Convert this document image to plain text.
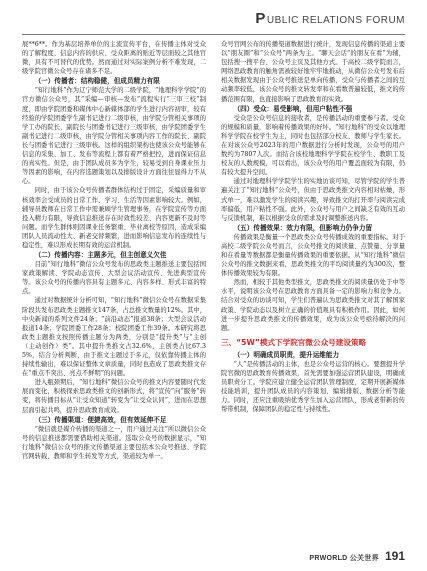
PUBLIC RELATIONS FORUM

展**6**。作为基层培养单位的主流宣传平台，在传播主体对受众的了解程度、信息内容的供应、受众距离的贴近等层面较之其他官微，具有不可替代的优势。然而通过对实际案例分析不难发现，二级学院官微公众号存在诸多不足。

（一）传播者：结构稳健，但成员精力有限

“知行地科”作为辽宁师范大学的二级学院，“地理科学学院”的官方微信公众号，其“采编—审核—发布”流程实行“三审三校”制度，即由学院团委和媒体中心新媒体部的学生进行内容初审，较有经验的学院团委学生副书记进行二级审核，由学院分管相关事项的学工办的院长、副院长与团委书记进行三级审核，由学院团委学生副书记进行二级审核，由学院分管相关事项内容工作的院长、副院长与团委书记进行三级审核。这样的组织架构也使该公众号能够在信息的采集、加工、发布等流程上都有着严格把控，进而保证信息的真实性。但是，由于团队成员多为学生，较易受到自身课业压力等因素的影响，在内容选题策划以及排版设计方面往往显得力不从心。

同时，由于该公众号传播者群体结构过于固定，采编质量和审核效率会受成员的日常工作、学习、生活等因素影响较大。例如，辅导员教师在日常工作中需兼顾学生管理事务，在学院宣传等方面投入精力有限，导致信息推送存在时效性较差、内容更新不及时等问题。而学生群体则因课业任务繁重、毕业离校等原因，造成采编团队人员流动性大、新老交替频繁，进而影响信息发布的连续性与稳定性，难以形成长期有效的运营机制。

（二）传播内容：主题多元，但主创意义欠佳

目前“知行地科”微信公众号发布的思政类主题推送主要包括国家政策解读、学院动态宣传、大型会议活动宣传、先进典型宣传等。该公众号的传播内容具有主题多元、内容多样、形式丰富的特点。

通过对数据统计分析可知，“知行地科”微信公众号在数据采集阶段共发布思政类主题推文147条，占总推文数量的12%。其中，中央新闻的系列文件24条；“前沿动态”报道38条；大型会议活动报道14条；学院团委工作28条；校院团委工作39条。本研究将思政类主题推文按照传播主题分为两类，分别是“提升类”与“主创（主动创作）类”。其中提升类推文占32.6%，主创类占比67.35%，结合分析判断，由于推文主题过于多元，仅依靠传播主体的持续性输出，难以保证整体文章质量，同时也造成了思政类推文存在“重点不突出、亮点不鲜明”的问题。

进入瓶颈期后，“知行地科”微信公众号的推文内容要随时代发展而变化，积极探索思政类推文的创新形式，将“宣传”向“服务”转变，将传播目标从“让受众知道”转变为“让受众认同”，进而在思想层面引起共鸣，提升思政教育成效。

（三）传播渠道：便捷高效，但有效延伸不足

“微信就是媒介传播的渠道之一，用户通过关注”所以微信公众号的信息推送都需要借助相关渠道。选取公众号的数据显示，“知行地科”微信公众号的推文传播渠道主要包括本公众号推送、学院官网转载、教师和学生转发等方式，渠道较为单一。

众号官网公布的传播渠道数据进行统计，发现信息传播的渠道主要以“朋友圈”和“公众号”两条为主。“聊天会话”的朋友在看”为辅，包括搜一搜平台、公众号主页及其他方式。于高校二级学院而言，网络思政教育的触角需被较好地牢牢地推动，从微信公众号发布后相关数据发现由于公众号推送是单向传播，受众与传播者之间的互动频率较低，该公众号的推文转发率和在看数普遍较低，推文的传播范围有限，也直接影响了思政教育的实效。

（四）受众：易受影响，但用户粘性不强

受众是公众号信息的接收者，是传播活动的重要参与者。受众的规模和质量，影响着传播效果的好坏。“知行地科”的受众以地理科学学院在校学生为主，同时也包括部分校友、教师与学生家长。在对该公众号2023年的用户数据进行分析时发现，公众号的用户数约为7807人次。而结合该校地理科学学院在校学生、教职工及校友的人数规模，可以看出，该公众号的用户覆盖面较为有限，仍有较大提升空间。

通过对地理科学学院学生的实地访谈可知，尽管学院的学生普遍关注了“知行地科”公众号，但由于思政类推文内容相对枯燥，形式单一，难以激发学生的阅读兴趣，导致推文的打开率与阅读完成率偏低，用户粘性不强。此外，公众号与用户之间缺乏有效的互动与反馈机制，难以根据受众的需求及时调整推送内容。

（五）传播效果：效力有限，但影响力仍争力留

传播效果是衡量一个思政类公众号传播成效的重要指标。对于高校二级学院公众号而言，公众号推文的阅读量、点赞量、分享量和在看量等数据都是衡量传播效果的重要依据。从“知行地科”微信公众号的推文数据来看，思政类推文的平均阅读量约为300次，整体传播效果较为有限。

然而，相较于其他类型推文，思政类推文的阅读量仍处于中等水平，说明该公众号在思政教育方面具备一定的影响力和竞争力。结合对受众的访谈可知，学生们普遍认为思政类推文对其了解国家政策、学院动态以及树立正确的价值观具有积极作用。因此，如何进一步提升思政类推文的传播效果，成为该公众号亟待解决的问题。

三、“5W”模式下学院官微公众号建设策略
（一）明确成员职责，提升运维能力

“人”是传播活动的主体，也是公众号运营的核心。要想提升学院官微的思政教育传播效果，首先需要加强运营团队建设，明确成员职责分工。学院应建立健全运营团队管理制度，定期开展新媒体技能培训，提升团队成员的内容策划、编辑排版、数据分析等能力。同时，还应注重吸纳优秀学生加入运营团队，形成老带新的传帮带机制，保障团队的稳定性与持续性。

PRWORLD 公关世界 191
